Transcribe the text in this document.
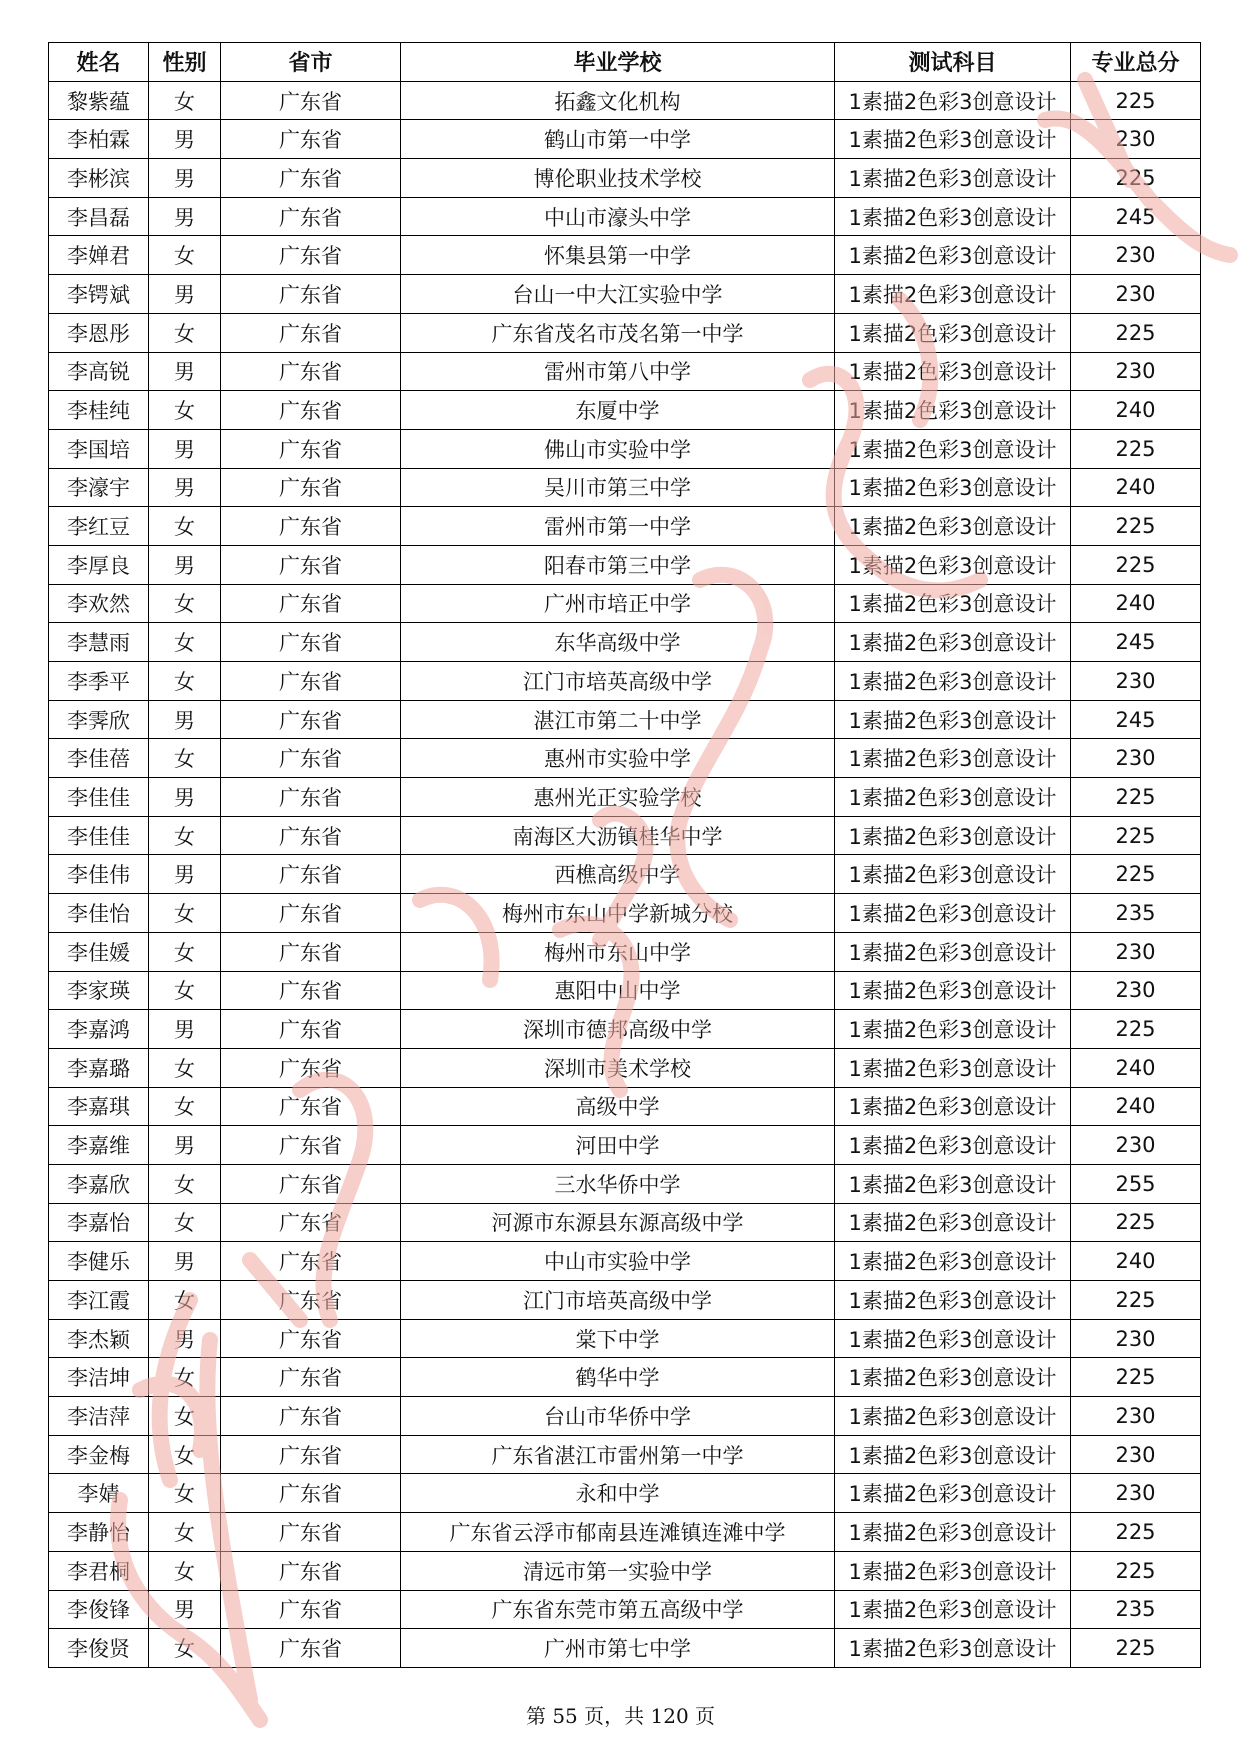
姓名	性别	省市	毕业学校	测试科目	专业总分
黎紫蕴	女	广东省	拓鑫文化机构	1素描2色彩3创意设计	225
李柏霖	男	广东省	鹤山市第一中学	1素描2色彩3创意设计	230
李彬滨	男	广东省	博伦职业技术学校	1素描2色彩3创意设计	225
李昌磊	男	广东省	中山市濠头中学	1素描2色彩3创意设计	245
李婵君	女	广东省	怀集县第一中学	1素描2色彩3创意设计	230
李锷斌	男	广东省	台山一中大江实验中学	1素描2色彩3创意设计	230
李恩彤	女	广东省	广东省茂名市茂名第一中学	1素描2色彩3创意设计	225
李高锐	男	广东省	雷州市第八中学	1素描2色彩3创意设计	230
李桂纯	女	广东省	东厦中学	1素描2色彩3创意设计	240
李国培	男	广东省	佛山市实验中学	1素描2色彩3创意设计	225
李濠宇	男	广东省	吴川市第三中学	1素描2色彩3创意设计	240
李红豆	女	广东省	雷州市第一中学	1素描2色彩3创意设计	225
李厚良	男	广东省	阳春市第三中学	1素描2色彩3创意设计	225
李欢然	女	广东省	广州市培正中学	1素描2色彩3创意设计	240
李慧雨	女	广东省	东华高级中学	1素描2色彩3创意设计	245
李季平	女	广东省	江门市培英高级中学	1素描2色彩3创意设计	230
李霁欣	男	广东省	湛江市第二十中学	1素描2色彩3创意设计	245
李佳蓓	女	广东省	惠州市实验中学	1素描2色彩3创意设计	230
李佳佳	男	广东省	惠州光正实验学校	1素描2色彩3创意设计	225
李佳佳	女	广东省	南海区大沥镇桂华中学	1素描2色彩3创意设计	225
李佳伟	男	广东省	西樵高级中学	1素描2色彩3创意设计	225
李佳怡	女	广东省	梅州市东山中学新城分校	1素描2色彩3创意设计	235
李佳媛	女	广东省	梅州市东山中学	1素描2色彩3创意设计	230
李家瑛	女	广东省	惠阳中山中学	1素描2色彩3创意设计	230
李嘉鸿	男	广东省	深圳市德邦高级中学	1素描2色彩3创意设计	225
李嘉璐	女	广东省	深圳市美术学校	1素描2色彩3创意设计	240
李嘉琪	女	广东省	高级中学	1素描2色彩3创意设计	240
李嘉维	男	广东省	河田中学	1素描2色彩3创意设计	230
李嘉欣	女	广东省	三水华侨中学	1素描2色彩3创意设计	255
李嘉怡	女	广东省	河源市东源县东源高级中学	1素描2色彩3创意设计	225
李健乐	男	广东省	中山市实验中学	1素描2色彩3创意设计	240
李江霞	女	广东省	江门市培英高级中学	1素描2色彩3创意设计	225
李杰颖	男	广东省	棠下中学	1素描2色彩3创意设计	230
李洁坤	女	广东省	鹤华中学	1素描2色彩3创意设计	225
李洁萍	女	广东省	台山市华侨中学	1素描2色彩3创意设计	230
李金梅	女	广东省	广东省湛江市雷州第一中学	1素描2色彩3创意设计	230
李婧	女	广东省	永和中学	1素描2色彩3创意设计	230
李静怡	女	广东省	广东省云浮市郁南县连滩镇连滩中学	1素描2色彩3创意设计	225
李君桐	女	广东省	清远市第一实验中学	1素描2色彩3创意设计	225
李俊锋	男	广东省	广东省东莞市第五高级中学	1素描2色彩3创意设计	235
李俊贤	女	广东省	广州市第七中学	1素描2色彩3创意设计	225
第 55 页，共 120 页
